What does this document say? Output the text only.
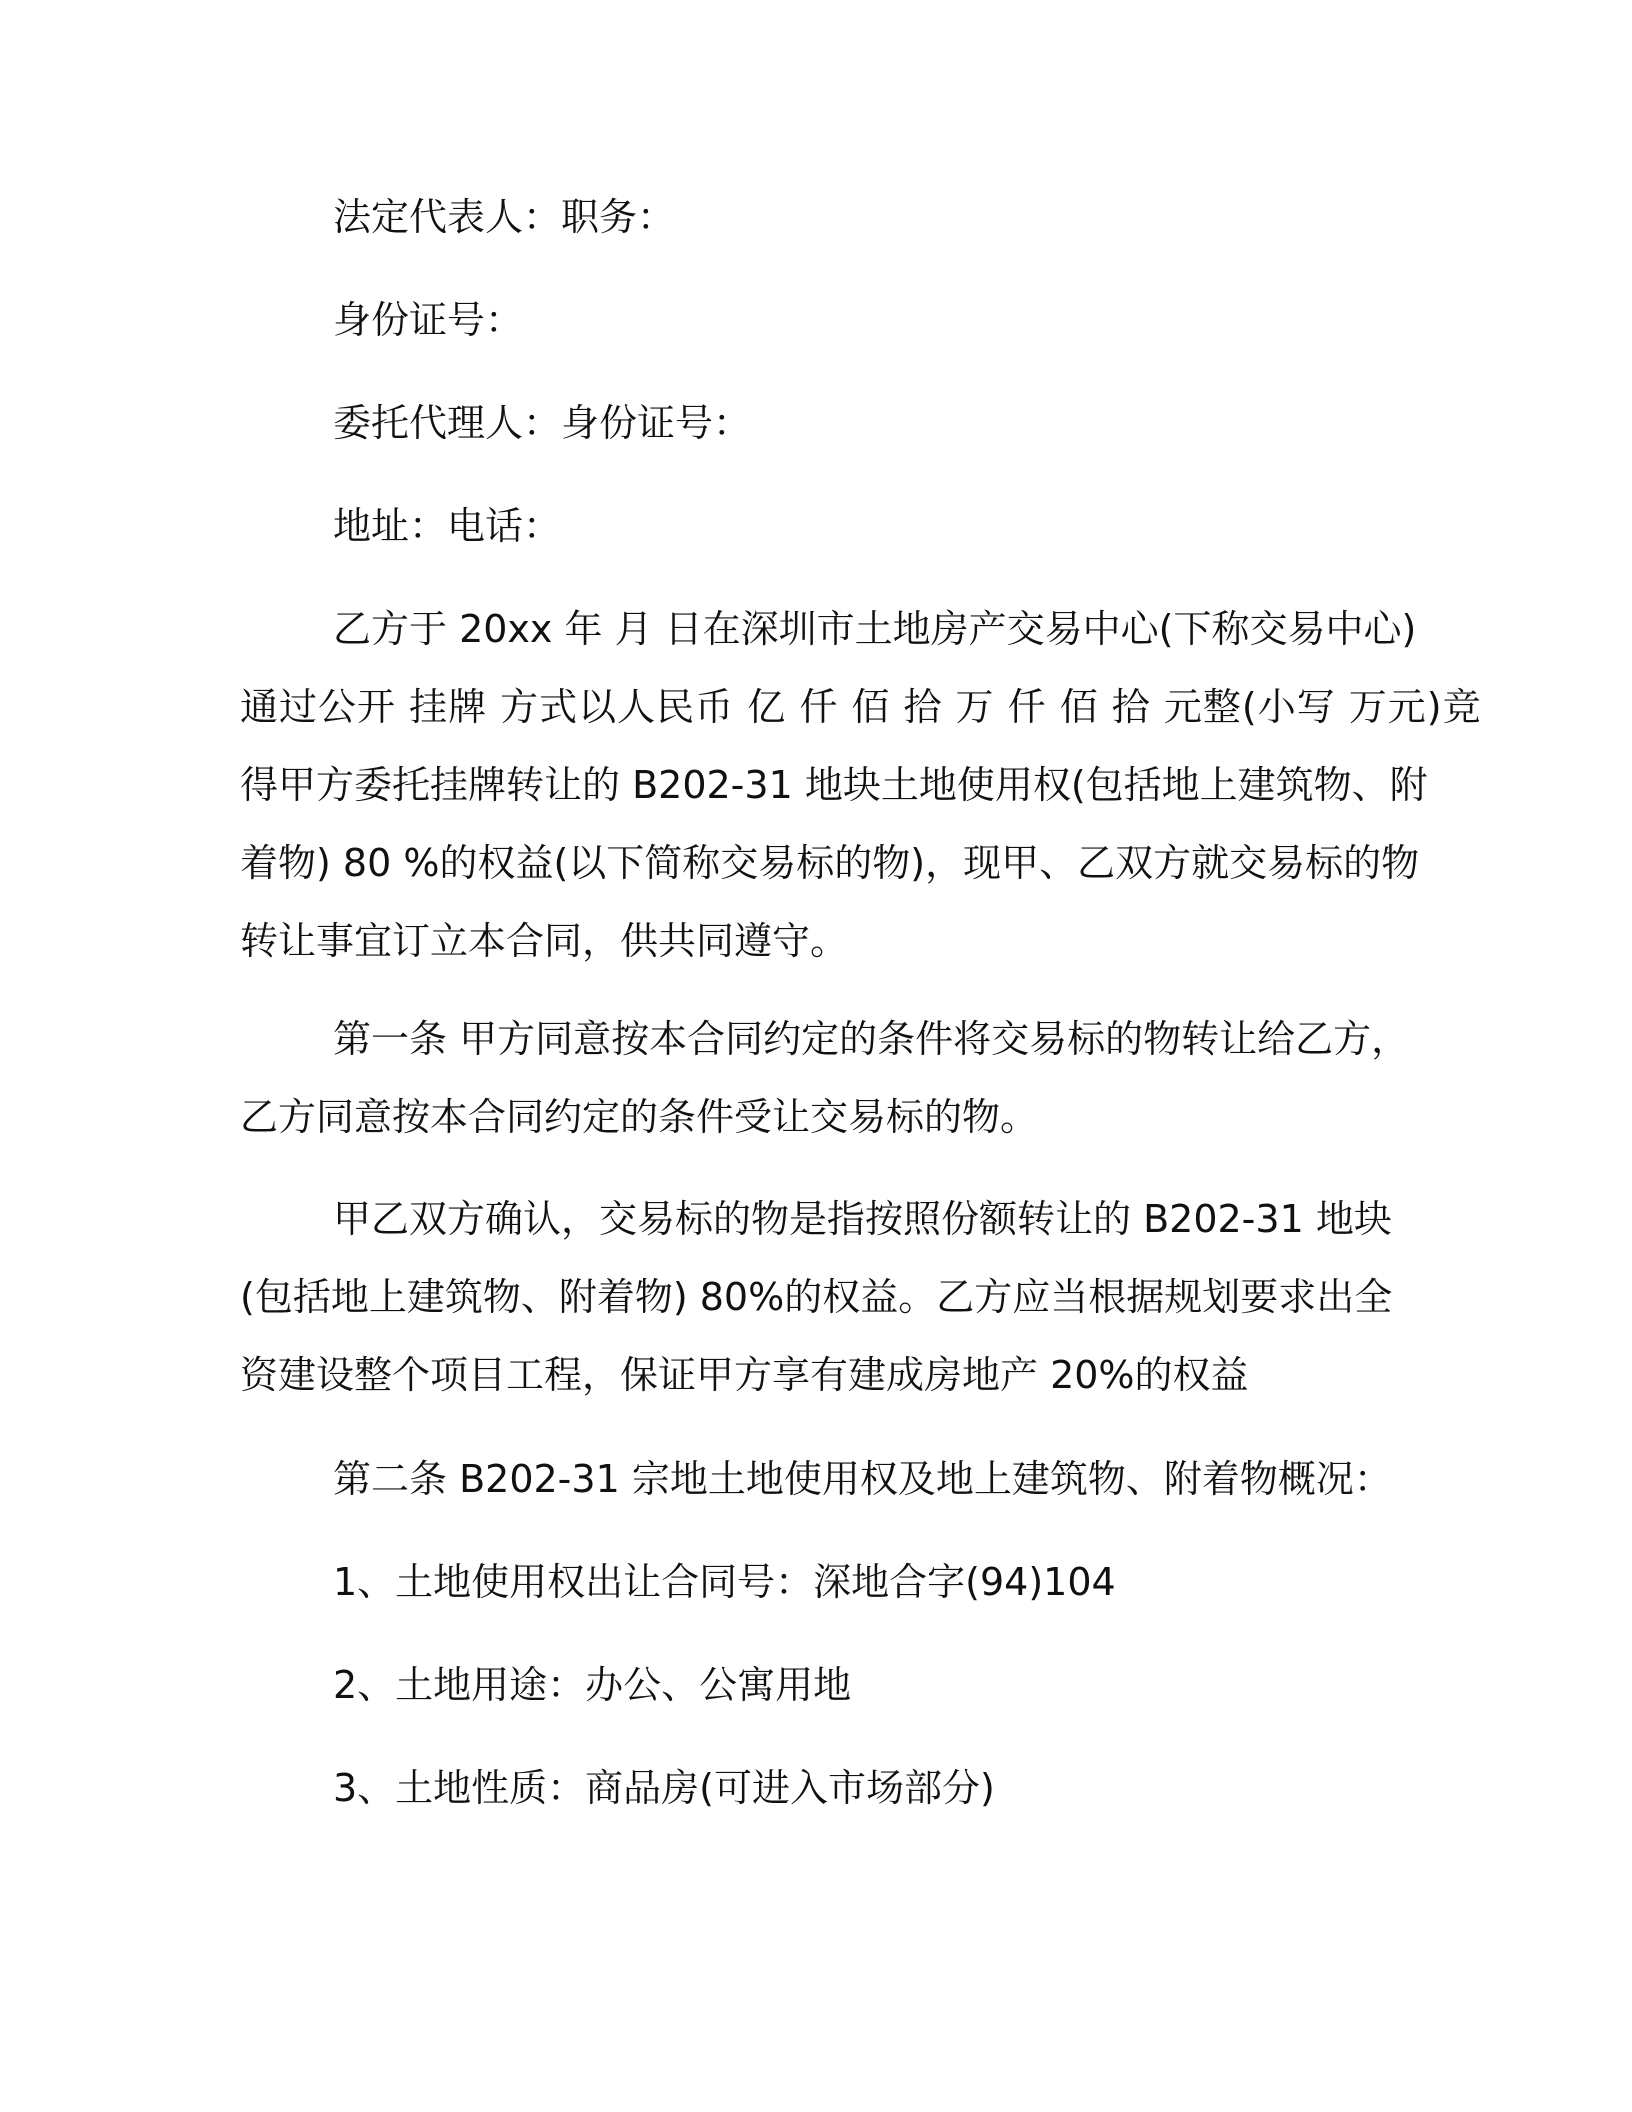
法定代表人：职务：

身份证号：

委托代理人：身份证号：

地址：电话：

乙方于 20xx 年 月 日在深圳市土地房产交易中心(下称交易中心)

通过公开 挂牌 方式以人民币 亿 仟 佰 拾 万 仟 佰 拾 元整(小写 万元)竞

得甲方委托挂牌转让的 B202-31 地块土地使用权(包括地上建筑物、附

着物) 80 %的权益(以下简称交易标的物)，现甲、乙双方就交易标的物

转让事宜订立本合同，供共同遵守。

第一条 甲方同意按本合同约定的条件将交易标的物转让给乙方，

乙方同意按本合同约定的条件受让交易标的物。

甲乙双方确认，交易标的物是指按照份额转让的 B202-31 地块

(包括地上建筑物、附着物) 80%的权益。乙方应当根据规划要求出全

资建设整个项目工程，保证甲方享有建成房地产 20%的权益

第二条 B202-31 宗地土地使用权及地上建筑物、附着物概况：

1、土地使用权出让合同号：深地合字(94)104

2、土地用途：办公、公寓用地

3、土地性质：商品房(可进入市场部分)
